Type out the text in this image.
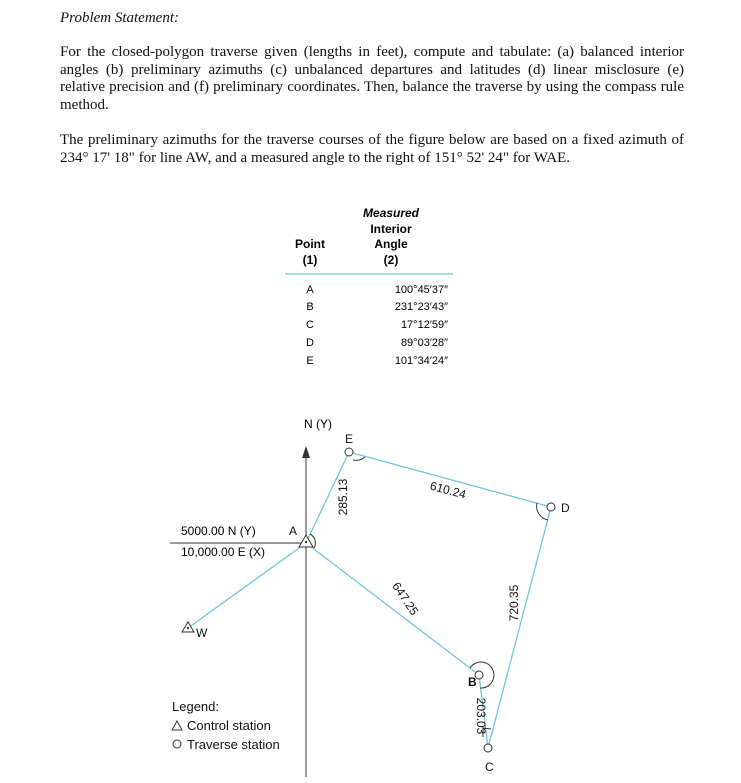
Problem Statement:

For the closed-polygon traverse given (lengths in feet), compute and tabulate: (a) balanced interior angles (b) preliminary azimuths (c) unbalanced departures and latitudes (d) linear misclosure (e) relative precision and (f) preliminary coordinates. Then, balance the traverse by using the compass rule method.

The preliminary azimuths for the traverse courses of the figure below are based on a fixed azimuth of 234° 17' 18" for line AW, and a measured angle to the right of 151° 52' 24" for WAE.

Point
(1)
Measured
Interior
Angle
(2)
A	100°45′37″
B	231°23′43″
C	17°12′59″
D	89°03′28″
E	101°34′24″
N (Y)
5000.00 N (Y)
10,000.00 E (X)
A
E
D
B
C
W
285.13	610.24
720.35
203.03
647.25
Legend:
Control station
Traverse station
